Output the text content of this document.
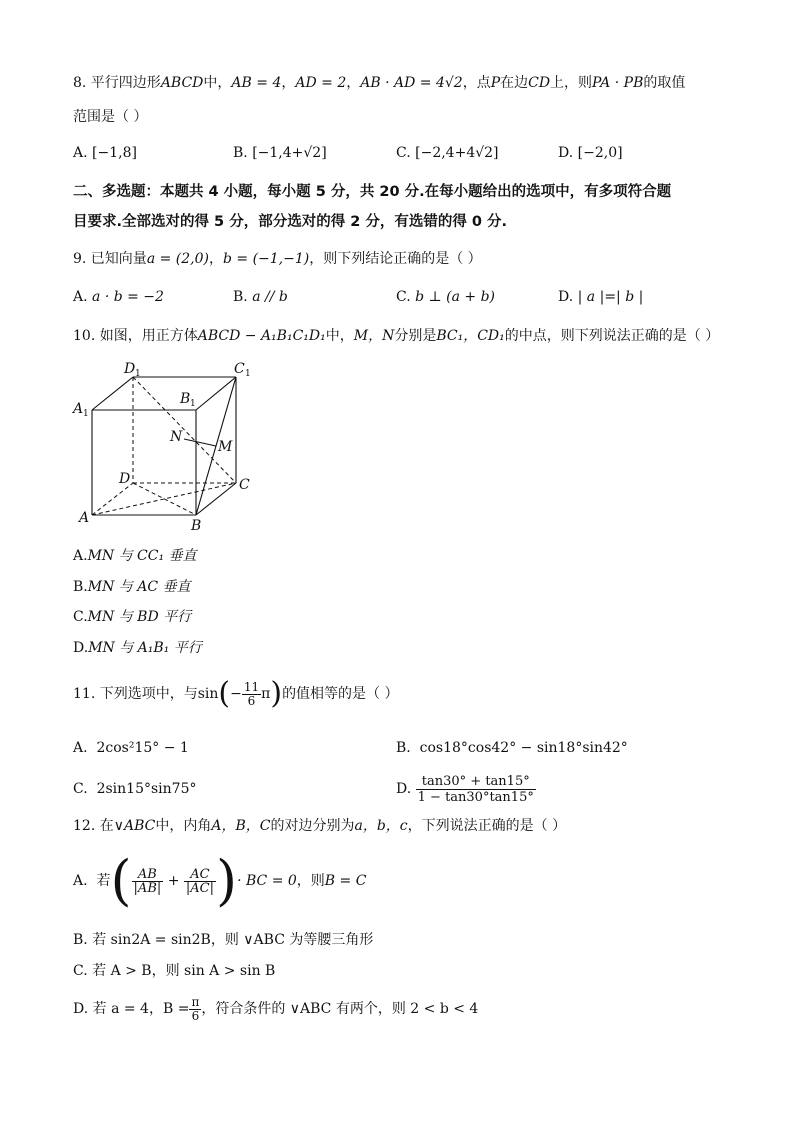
8. 平行四边形ABCD中，AB = 4，AD = 2，AB · AD = 4√2，点P在边CD上，则PA · PB的取值
范围是（ ）
A. [−1,8]	B. [−1,4+√2]	C. [−2,4+4√2]	D. [−2,0]
二、多选题：本题共 4 小题，每小题 5 分，共 20 分.在每小题给出的选项中，有多项符合题
目要求.全部选对的得 5 分，部分选对的得 2 分，有选错的得 0 分.
9. 已知向量a = (2,0)，b = (−1,−1)，则下列结论正确的是（ ）
A. a · b = −2	B. a // b	C. b ⊥ (a + b)	D. | a |=| b |
10. 如图，用正方体ABCD − A₁B₁C₁D₁中，M，N分别是BC₁，CD₁的中点，则下列说法正确的是（ ）
D 1	C 1
A 1
B 1
N
M
D	C
A	B
A.MN 与 CC₁ 垂直
B.MN 与 AC 垂直
C.MN 与 BD 平行
D.MN 与 A₁B₁ 平行
11. 下列选项中，与$\sin(- \frac{11}{6} \pi)$的值相等的是（ ）
A. 2cos²15° − 1	B. cos18°cos42° − sin18°sin42°
C. 2sin15°sin75°	D. $\frac{\tan 30^\circ + \tan 15^\circ}{1 - \tan 30^\circ\tan 15^\circ}$
12. 在∨ABC中，内角A，B，C的对边分别为a，b，c，下列说法正确的是（ ）
A. 若( $\frac{AB}{|AB|} + \frac{AC}{|AC|}$ )· BC = 0，则B = C
B. 若 sin2A = sin2B，则 ∨ABC 为等腰三角形
C. 若 A > B，则 sin A > sin B
D. 若 a = 4，$B = \frac{\pi}{6}$ ，符合条件的 ∨ABC 有两个，则 2 < b < 4
